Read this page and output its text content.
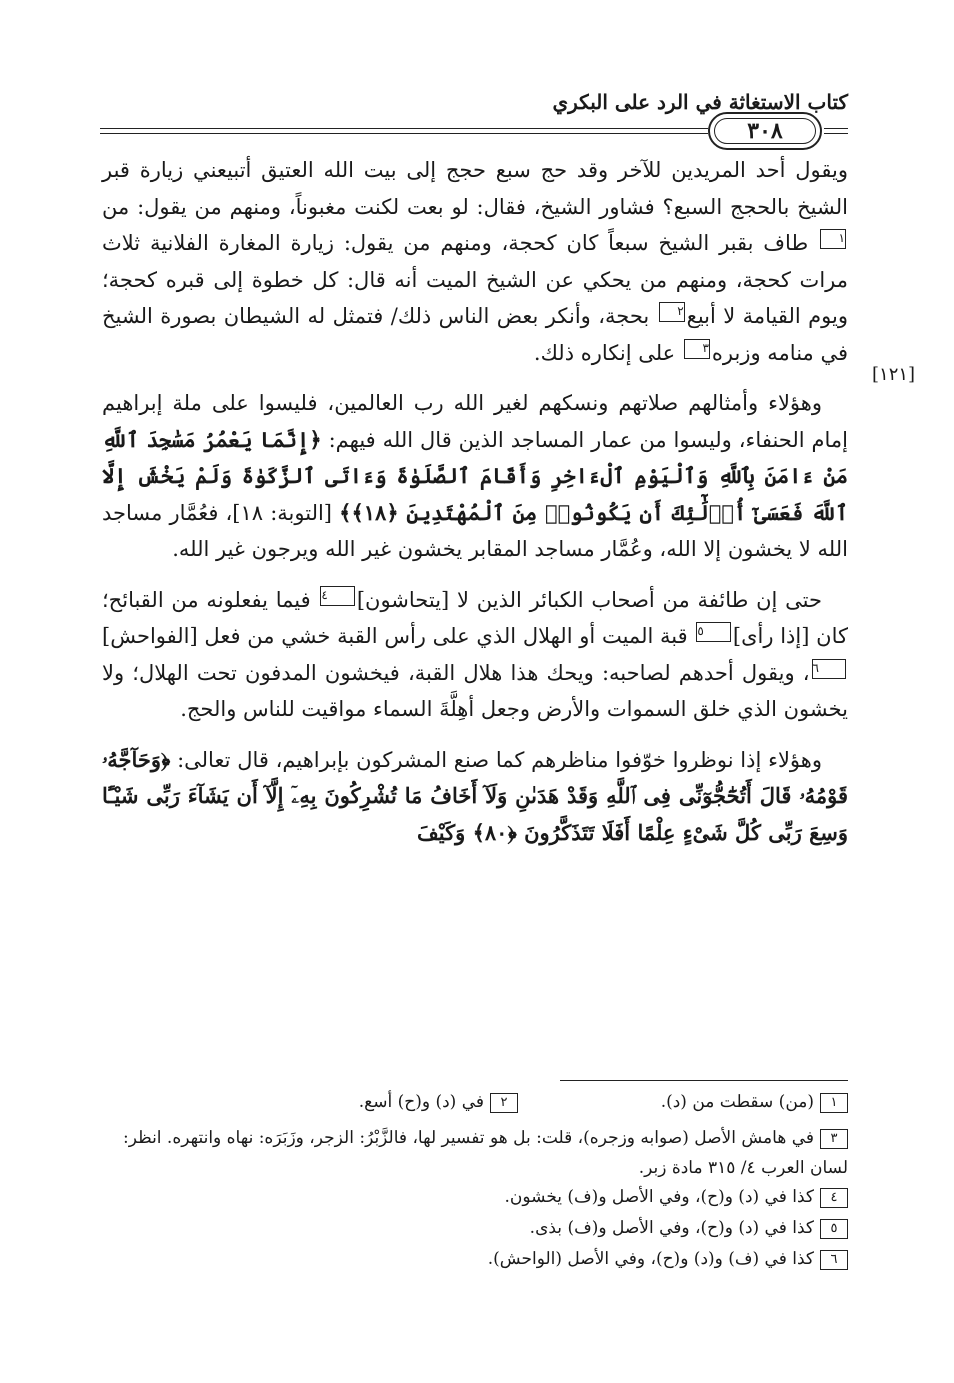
٣٠٨
كتاب الاستغاثة في الرد على البكري
[١٢١]

ويقول أحد المريدين للآخر وقد حج سبع حجج إلى بيت الله العتيق أتبيعني زيارة قبر الشيخ بالحجج السبع؟ فشاور الشيخ، فقال: لو بعت لكنت مغبوناً، ومنهم من يقول: من١ طاف بقبر الشيخ سبعاً كان كحجة، ومنهم من يقول: زيارة المغارة الفلانية ثلاث مرات كحجة، ومنهم من يحكي عن الشيخ الميت أنه قال: كل خطوة إلى قبره كحجة؛ ويوم القيامة لا أبيع٢ بحجة، وأنكر بعض الناس ذلك/ فتمثل له الشيطان بصورة الشيخ في منامه وزبره٣ على إنكاره ذلك.

وهؤلاء وأمثالهم صلاتهم ونسكهم لغير الله رب العالمين، فليسوا على ملة إبراهيم إمام الحنفاء، وليسوا من عمار المساجد الذين قال الله فيهم: ﴿إِنَّمَا يَعْمُرُ مَسَٰجِدَ ٱللَّهِ مَنْ ءَامَنَ بِٱللَّهِ وَٱلْيَوْمِ ٱلْءَاخِرِ وَأَقَامَ ٱلصَّلَوٰةَ وَءَاتَى ٱلزَّكَوٰةَ وَلَمْ يَخْشَ إِلَّا ٱللَّهَ فَعَسَىٰٓ أُو۟لَٰٓئِكَ أَن يَكُونُوا۟ مِنَ ٱلْمُهْتَدِينَ ﴿١٨﴾﴾ [التوبة: ١٨]، فعُمَّار مساجد الله لا يخشون إلا الله، وعُمَّار مساجد المقابر يخشون غير الله ويرجون غير الله.

حتى إن طائفة من أصحاب الكبائر الذين لا [يتحاشون]٤ فيما يفعلونه من القبائح؛ كان [إذا رأى]٥ قبة الميت أو الهلال الذي على رأس القبة خشي من فعل [الفواحش]٦، ويقول أحدهم لصاحبه: ويحك هذا هلال القبة، فيخشون المدفون تحت الهلال؛ ولا يخشون الذي خلق السموات والأرض وجعل أهِلَّةَ السماء مواقيت للناس والحج.

وهؤلاء إذا نوظروا خوّفوا مناظرهم كما صنع المشركون بإبراهيم، قال تعالى: ﴿وَحَآجَّهُۥ قَوْمُهُۥ قَالَ أَتُحَٰٓجُّوٓنِّى فِى ٱللَّهِ وَقَدْ هَدَىٰنِ وَلَآ أَخَافُ مَا تُشْرِكُونَ بِهِۦٓ إِلَّآ أَن يَشَآءَ رَبِّى شَيْـًٔا وَسِعَ رَبِّى كُلَّ شَىْءٍ عِلْمًا أَفَلَا تَتَذَكَّرُونَ ﴿٨٠﴾ وَكَيْفَ

١(من) سقطت من (د).٢في (د) و(ح) أسع.
٣في هامش الأصل (صوابه وزجره)، قلت: بل هو تفسير لها، فالزَّبْرُ: الزجر، وزَبَرَه: نهاه وانتهره. انظر: لسان العرب ٤/ ٣١٥ مادة زبر.
٤كذا في (د) و(ح)، وفي الأصل و(ف) يخشون.
٥كذا في (د) و(ح)، وفي الأصل و(ف) بذى.
٦كذا في (ف) و(د) و(ح)، وفي الأصل (الواحش).
